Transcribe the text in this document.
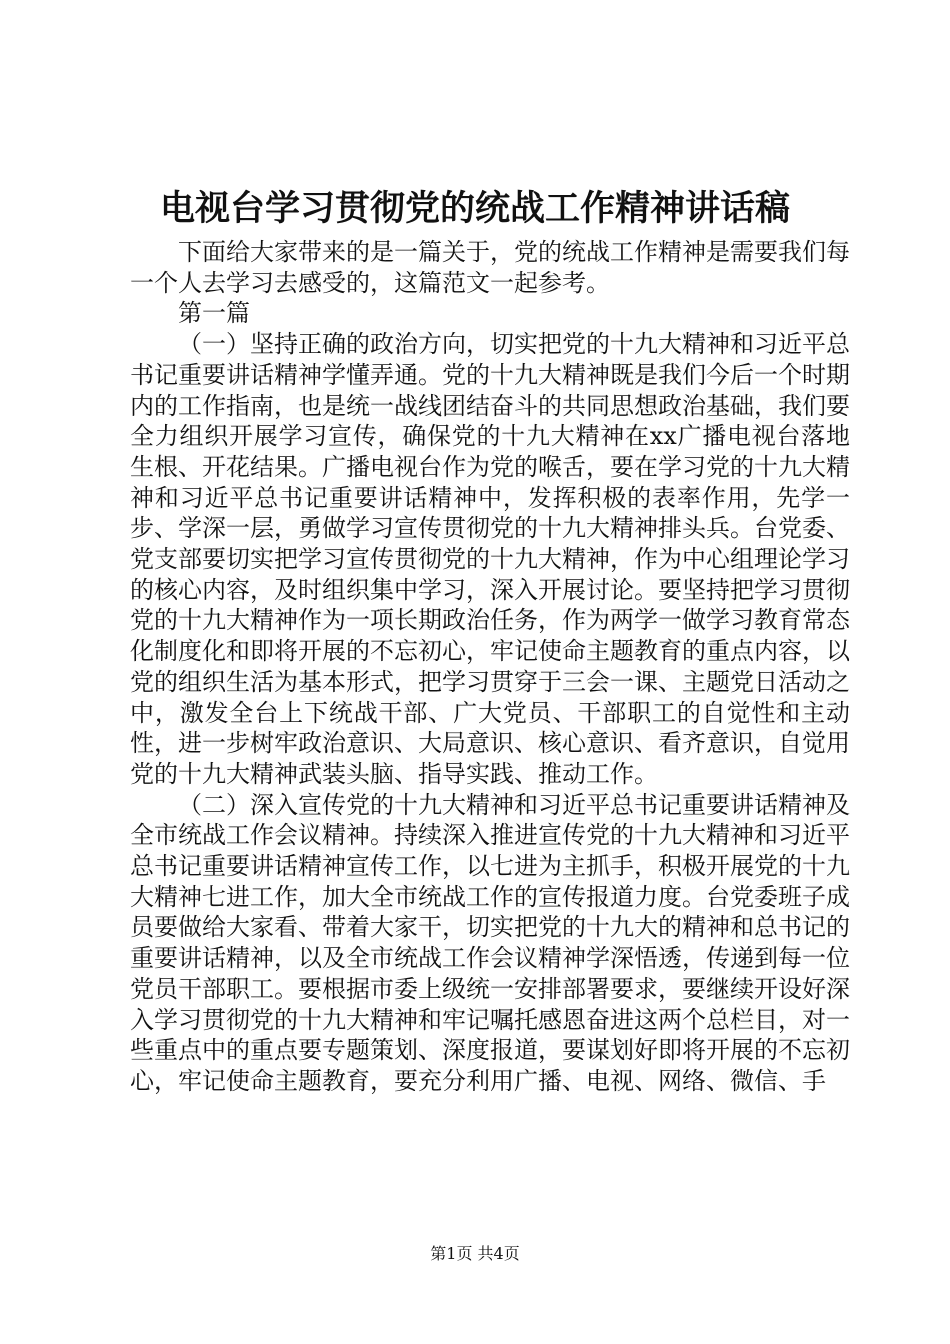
电视台学习贯彻党的统战工作精神讲话稿

下面给大家带来的是一篇关于，党的统战工作精神是需要我们每一个人去学习去感受的，这篇范文一起参考。

第一篇

（一）坚持正确的政治方向，切实把党的十九大精神和习近平总书记重要讲话精神学懂弄通。党的十九大精神既是我们今后一个时期内的工作指南，也是统一战线团结奋斗的共同思想政治基础，我们要全力组织开展学习宣传，确保党的十九大精神在xx广播电视台落地生根、开花结果。广播电视台作为党的喉舌，要在学习党的十九大精神和习近平总书记重要讲话精神中，发挥积极的表率作用，先学一步、学深一层，勇做学习宣传贯彻党的十九大精神排头兵。台党委、党支部要切实把学习宣传贯彻党的十九大精神，作为中心组理论学习的核心内容，及时组织集中学习，深入开展讨论。要坚持把学习贯彻党的十九大精神作为一项长期政治任务，作为两学一做学习教育常态化制度化和即将开展的不忘初心，牢记使命主题教育的重点内容，以党的组织生活为基本形式，把学习贯穿于三会一课、主题党日活动之中，激发全台上下统战干部、广大党员、干部职工的自觉性和主动性，进一步树牢政治意识、大局意识、核心意识、看齐意识，自觉用党的十九大精神武装头脑、指导实践、推动工作。

（二）深入宣传党的十九大精神和习近平总书记重要讲话精神及全市统战工作会议精神。持续深入推进宣传党的十九大精神和习近平总书记重要讲话精神宣传工作，以七进为主抓手，积极开展党的十九大精神七进工作，加大全市统战工作的宣传报道力度。台党委班子成员要做给大家看、带着大家干，切实把党的十九大的精神和总书记的重要讲话精神，以及全市统战工作会议精神学深悟透，传递到每一位党员干部职工。要根据市委上级统一安排部署要求，要继续开设好深入学习贯彻党的十九大精神和牢记嘱托感恩奋进这两个总栏目，对一些重点中的重点要专题策划、深度报道，要谋划好即将开展的不忘初心，牢记使命主题教育，要充分利用广播、电视、网络、微信、手

第1页 共4页
